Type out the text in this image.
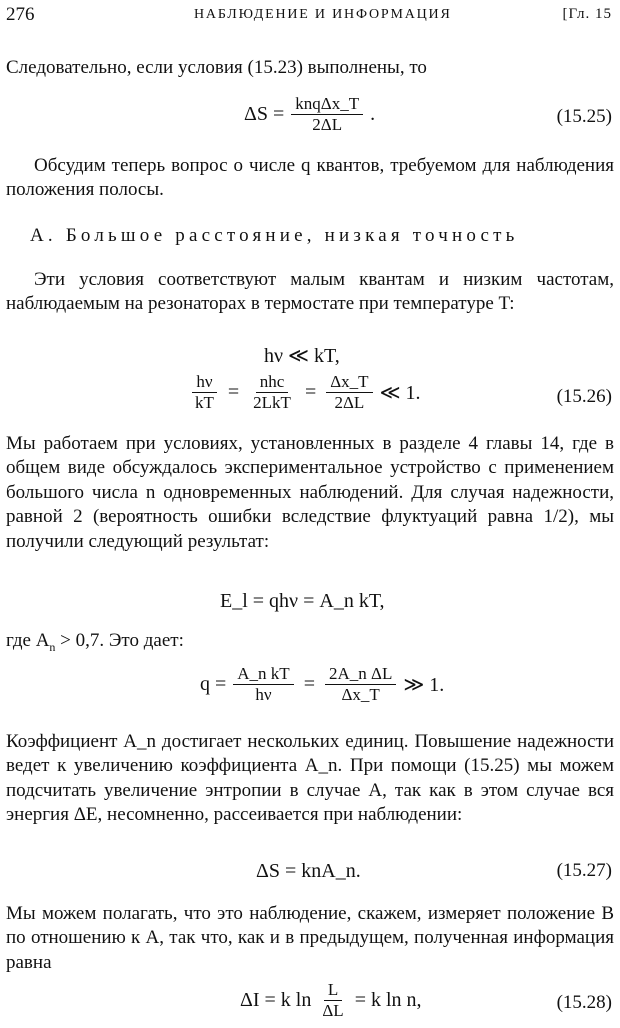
276	НАБЛЮДЕНИЕ И ИНФОРМАЦИЯ	[Гл. 15
Следовательно, если условия (15.23) выполнены, то
$\Delta S = \frac{\text{knqΔx\_T}}{2\Delta L}$ .	(15.25)
Обсудим теперь вопрос о числе q квантов, требуемом для наблюдения положения полосы.
А. Большое расстояние, низкая точность
Эти условия соответствуют малым квантам и низким частотам, наблюдаемым на резонаторах в термостате при температуре T:
hν ≪ kT,
$\frac{h\nu}{kT} = \frac{\text{nhc}}{\text{2LkT}} = \frac{\Delta x\_T}{2\Delta L}$ ≪ 1.	(15.26)
Мы работаем при условиях, установленных в разделе 4 главы 14, где в общем виде обсуждалось экспериментальное устройство с применением большого числа n одновременных наблюдений. Для случая надежности, равной 2 (вероятность ошибки вследствие флуктуаций равна 1/2), мы получили следующий результат:
E_l = qhν = A_n kT,
где $A_n > 0,7$. Это дает:
$q = \frac{\text{A\_n kT}}{h\nu} = \frac{\text{2A\_n ΔL}}{\Delta x\_T}$ ≫ 1.
Коэффициент A_n достигает нескольких единиц. Повышение надежности ведет к увеличению коэффициента A_n. При помощи (15.25) мы можем подсчитать увеличение энтропии в случае A, так как в этом случае вся энергия ΔE, несомненно, рассеивается при наблюдении:
ΔS = knA_n.	(15.27)
Мы можем полагать, что это наблюдение, скажем, измеряет положение B по отношению к A, так что, как и в предыдущем, полученная информация равна
ΔI = k $\ln \frac{L}{\Delta L} = k$ ln n,	(15.28)
